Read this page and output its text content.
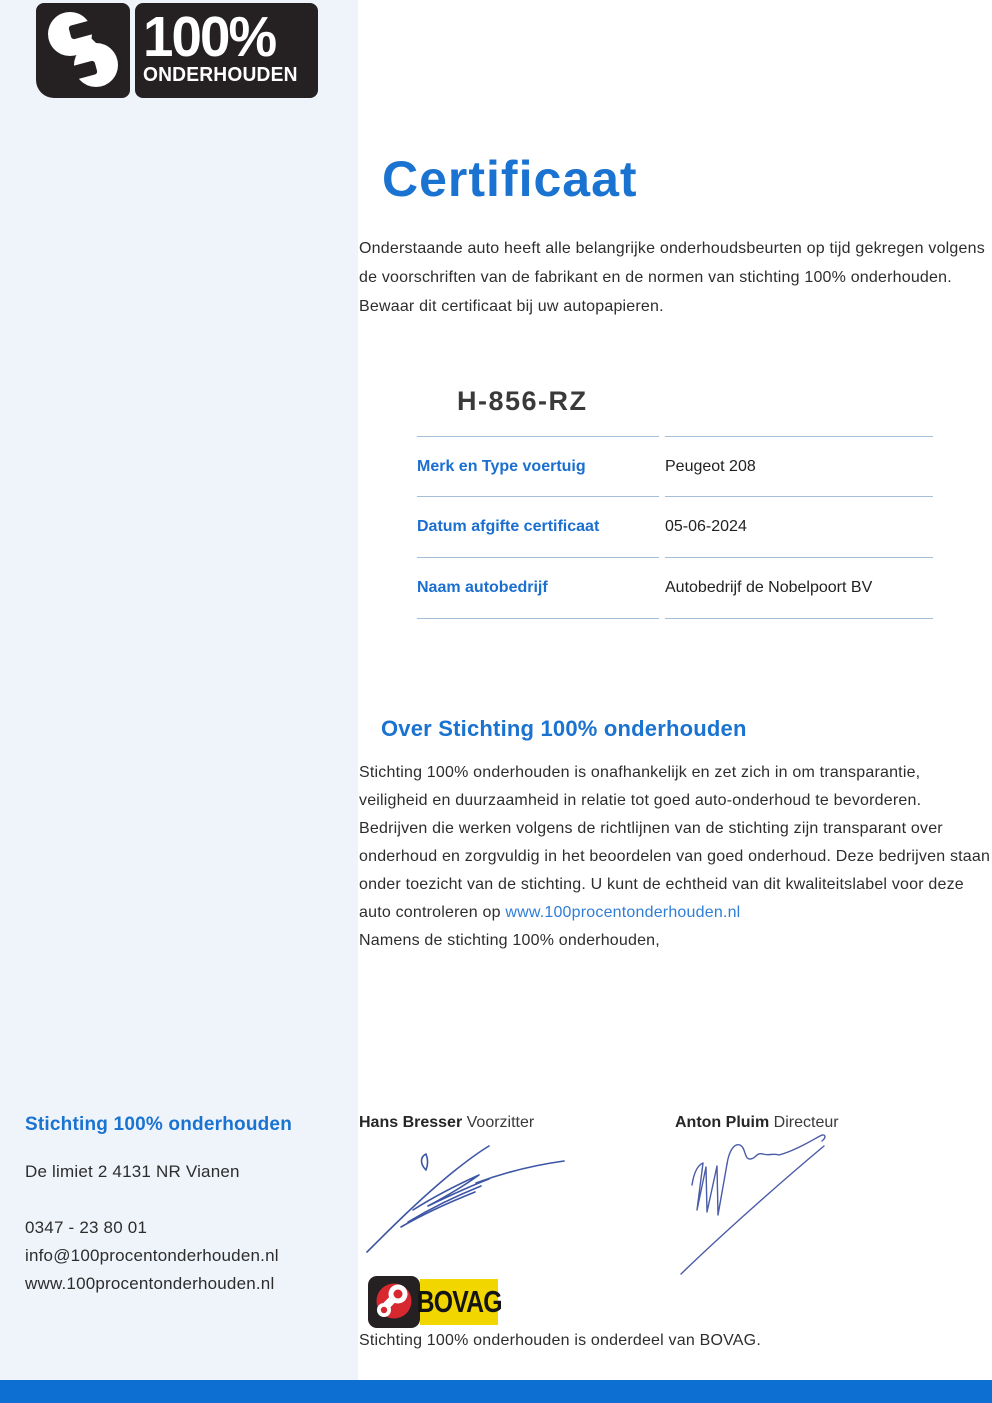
100%
ONDERHOUDEN
Certificaat

Onderstaande auto heeft alle belangrijke onderhoudsbeurten op tijd gekregen volgens de voorschriften van de fabrikant en de normen van stichting 100% onderhouden. Bewaar dit certificaat bij uw autopapieren.

H-856-RZ
Merk en Type voertuig	Peugeot 208
Datum afgifte certificaat	05-06-2024
Naam autobedrijf	Autobedrijf de Nobelpoort BV
Over Stichting 100% onderhouden

Stichting 100% onderhouden is onafhankelijk en zet zich in om transparantie, veiligheid en duurzaamheid in relatie tot goed auto-onderhoud te bevorderen. Bedrijven die werken volgens de richtlijnen van de stichting zijn transparant over onderhoud en zorgvuldig in het beoordelen van goed onderhoud. Deze bedrijven staan onder toezicht van de stichting. U kunt de echtheid van dit kwaliteitslabel voor deze auto controleren op www.100procentonderhouden.nl
Namens de stichting 100% onderhouden,

Hans Bresser Voorzitter	Anton Pluim Directeur
BOVAG
Stichting 100% onderhouden is onderdeel van BOVAG.
Stichting 100% onderhouden
De limiet 2 4131 NR Vianen
0347 - 23 80 01
info@100procentonderhouden.nl
www.100procentonderhouden.nl
